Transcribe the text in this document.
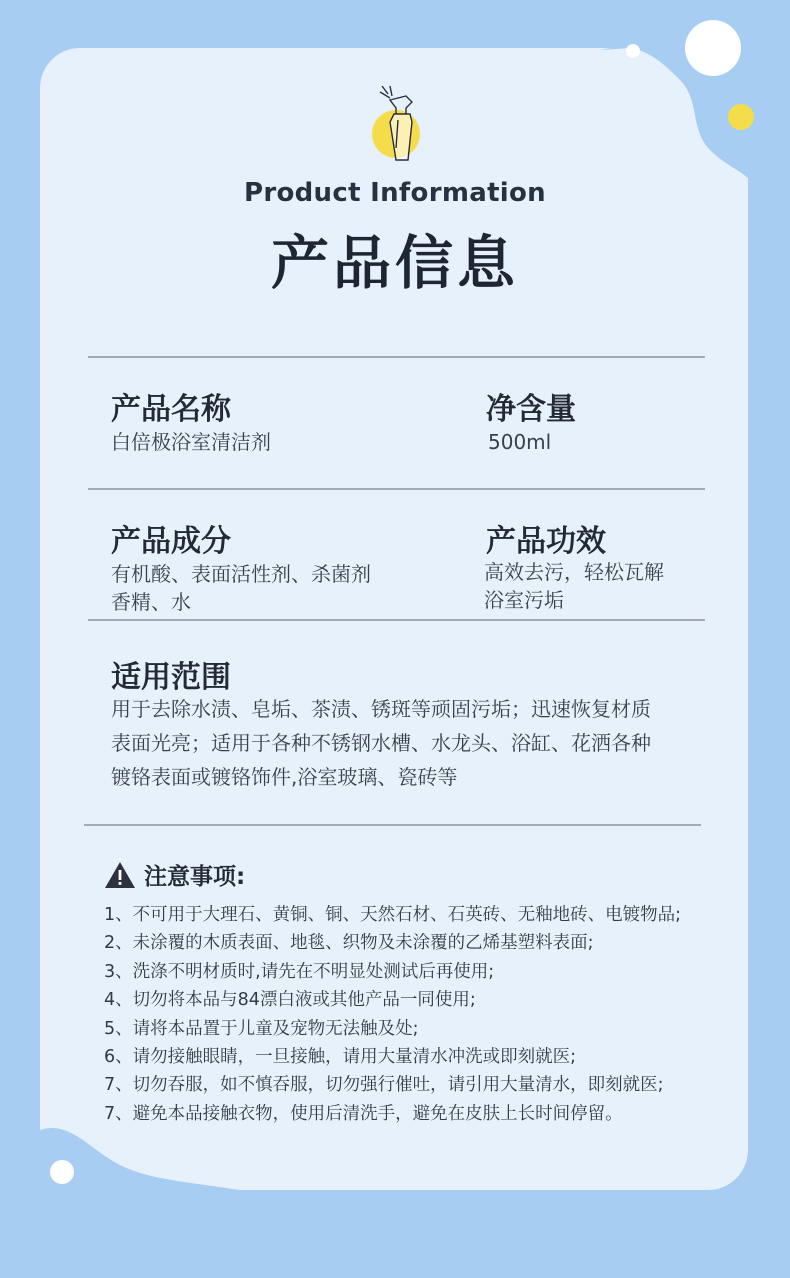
Product Information
产品信息
产品名称
白倍极浴室清洁剂
净含量
500ml
产品成分
有机酸、表面活性剂、杀菌剂
香精、水
产品功效
高效去污，轻松瓦解
浴室污垢
适用范围
用于去除水渍、皂垢、茶渍、锈斑等顽固污垢；迅速恢复材质
表面光亮；适用于各种不锈钢水槽、水龙头、浴缸、花洒各种
镀铬表面或镀铬饰件,浴室玻璃、瓷砖等
注意事项:
1、不可用于大理石、黄铜、铜、天然石材、石英砖、无釉地砖、电镀物品;
2、未涂覆的木质表面、地毯、织物及未涂覆的乙烯基塑料表面;
3、洗涤不明材质时,请先在不明显处测试后再使用;
4、切勿将本品与84漂白液或其他产品一同使用;
5、请将本品置于儿童及宠物无法触及处;
6、请勿接触眼睛，一旦接触，请用大量清水冲洗或即刻就医;
7、切勿吞服，如不慎吞服，切勿强行催吐，请引用大量清水，即刻就医;
7、避免本品接触衣物，使用后清洗手，避免在皮肤上长时间停留。
